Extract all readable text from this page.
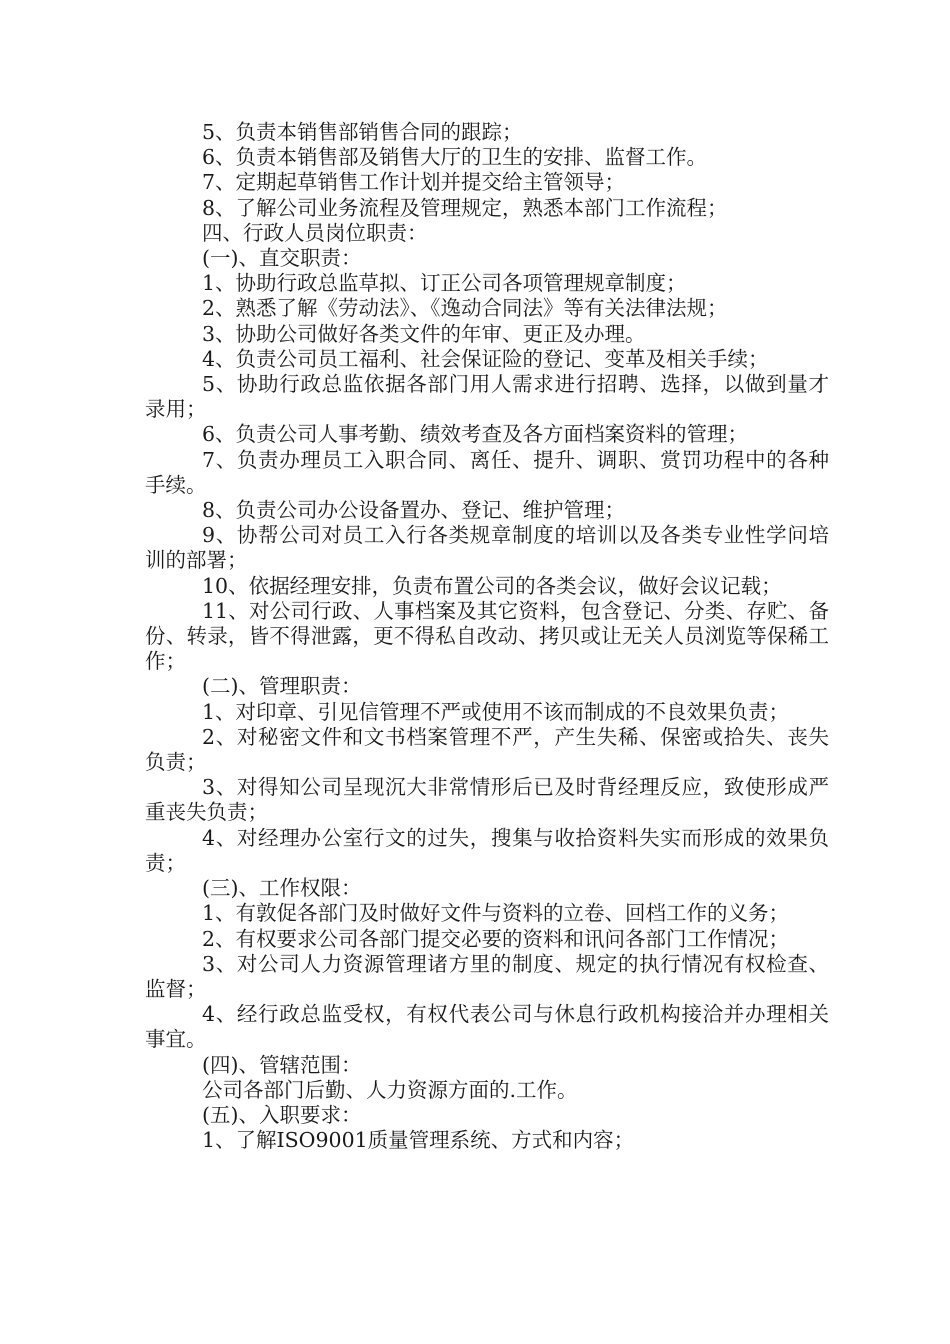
5、负责本销售部销售合同的跟踪；

6、负责本销售部及销售大厅的卫生的安排、监督工作。

7、定期起草销售工作计划并提交给主管领导；

8、了解公司业务流程及管理规定，熟悉本部门工作流程；

四、行政人员岗位职责：

(一)、直交职责：

1、协助行政总监草拟、订正公司各项管理规章制度；

2、熟悉了解《劳动法》、《逸动合同法》等有关法律法规；

3、协助公司做好各类文件的年审、更正及办理。

4、负责公司员工福利、社会保证险的登记、变革及相关手续；

5、协助行政总监依据各部门用人需求进行招聘、选择，以做到量才录用；

6、负责公司人事考勤、绩效考查及各方面档案资料的管理；

7、负责办理员工入职合同、离任、提升、调职、赏罚功程中的各种手续。

8、负责公司办公设备置办、登记、维护管理；

9、协帮公司对员工入行各类规章制度的培训以及各类专业性学问培训的部署；

10、依据经理安排，负责布置公司的各类会议，做好会议记载；

11、对公司行政、人事档案及其它资料，包含登记、分类、存贮、备份、转录，皆不得泄露，更不得私自改动、拷贝或让无关人员浏览等保稀工作；

(二)、管理职责：

1、对印章、引见信管理不严或使用不该而制成的不良效果负责；

2、对秘密文件和文书档案管理不严，产生失稀、保密或拾失、丧失负责；

3、对得知公司呈现沉大非常情形后已及时背经理反应，致使形成严重丧失负责；

4、对经理办公室行文的过失，搜集与收拾资料失实而形成的效果负责；

(三)、工作权限：

1、有敦促各部门及时做好文件与资料的立卷、回档工作的义务；

2、有权要求公司各部门提交必要的资料和讯问各部门工作情况；

3、对公司人力资源管理诸方里的制度、规定的执行情况有权检查、监督；

4、经行政总监受权，有权代表公司与休息行政机构接洽并办理相关事宜。

(四)、管辖范围：

公司各部门后勤、人力资源方面的.工作。

(五)、入职要求：

1、了解ISO9001质量管理系统、方式和内容；
